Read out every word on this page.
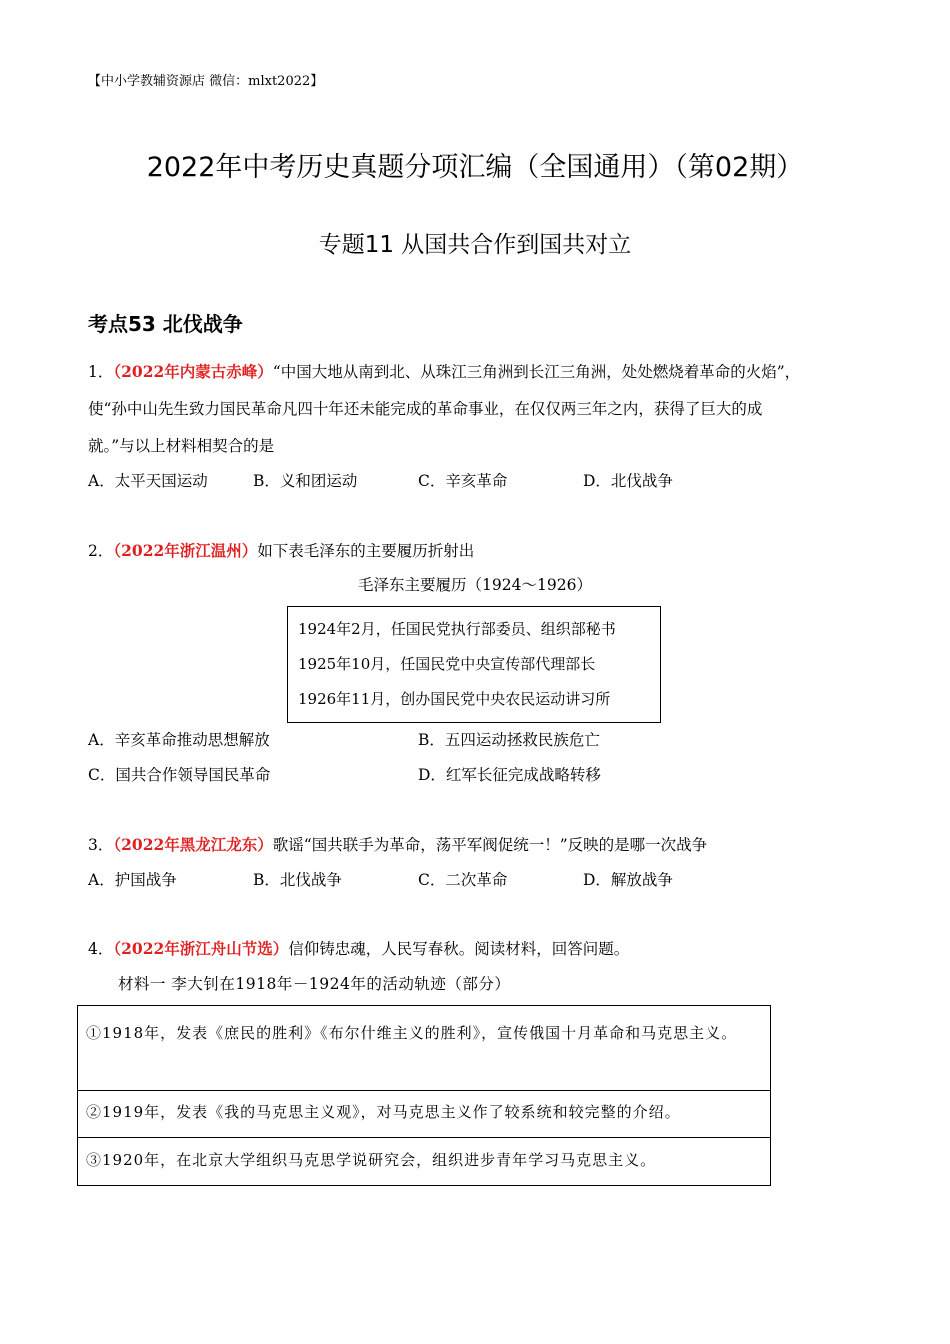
【中小学教辅资源店 微信：mlxt2022】
2022年中考历史真题分项汇编（全国通用）（第02期）
专题11 从国共合作到国共对立
考点53 北伐战争
1．（2022年内蒙古赤峰）“中国大地从南到北、从珠江三角洲到长江三角洲，处处燃烧着革命的火焰”，
使“孙中山先生致力国民革命凡四十年还未能完成的革命事业，在仅仅两三年之内，获得了巨大的成
就。”与以上材料相契合的是
A．太平天国运动	B．义和团运动	C．辛亥革命	D．北伐战争
2．（2022年浙江温州）如下表毛泽东的主要履历折射出
毛泽东主要履历（1924～1926）
1924年2月，任国民党执行部委员、组织部秘书
1925年10月，任国民党中央宣传部代理部长
1926年11月，创办国民党中央农民运动讲习所
A．辛亥革命推动思想解放	B．五四运动拯救民族危亡
C．国共合作领导国民革命	D．红军长征完成战略转移
3．（2022年黑龙江龙东）歌谣“国共联手为革命，荡平军阀促统一！”反映的是哪一次战争
A．护国战争	B．北伐战争	C．二次革命	D．解放战争
4．（2022年浙江舟山节选）信仰铸忠魂，人民写春秋。阅读材料，回答问题。
材料一 李大钊在1918年－1924年的活动轨迹（部分）
①1918年，发表《庶民的胜利》《布尔什维主义的胜利》，宣传俄国十月革命和马克思主义。
②1919年，发表《我的马克思主义观》，对马克思主义作了较系统和较完整的介绍。
③1920年，在北京大学组织马克思学说研究会，组织进步青年学习马克思主义。
